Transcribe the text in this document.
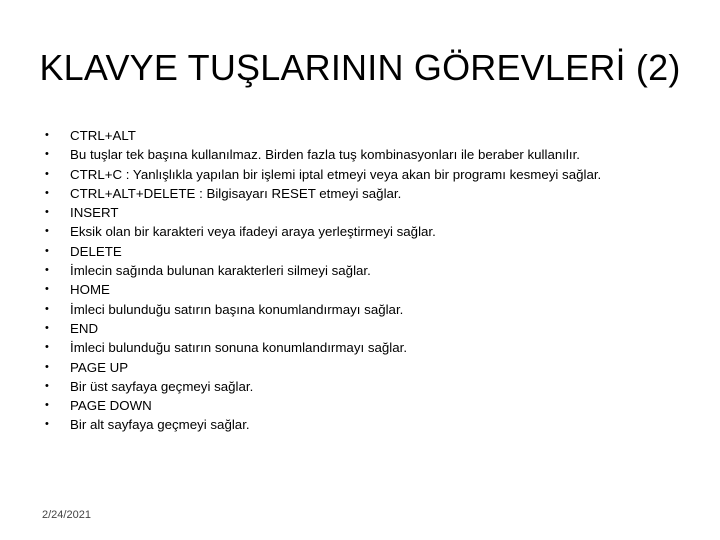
KLAVYE TUŞLARININ GÖREVLERİ (2)
•	CTRL+ALT
•	Bu tuşlar tek başına kullanılmaz. Birden fazla tuş kombinasyonları ile beraber kullanılır.
•	CTRL+C : Yanlışlıkla yapılan bir işlemi iptal etmeyi veya akan bir programı kesmeyi sağlar.
•	CTRL+ALT+DELETE : Bilgisayarı RESET etmeyi sağlar.
•	INSERT
•	Eksik olan bir karakteri veya ifadeyi araya yerleştirmeyi sağlar.
•	DELETE
•	İmlecin sağında bulunan karakterleri silmeyi sağlar.
•	HOME
•	İmleci bulunduğu satırın başına konumlandırmayı sağlar.
•	END
•	İmleci bulunduğu satırın sonuna konumlandırmayı sağlar.
•	PAGE UP
•	Bir üst sayfaya geçmeyi sağlar.
•	PAGE DOWN
•	Bir alt sayfaya geçmeyi sağlar.
2/24/2021
